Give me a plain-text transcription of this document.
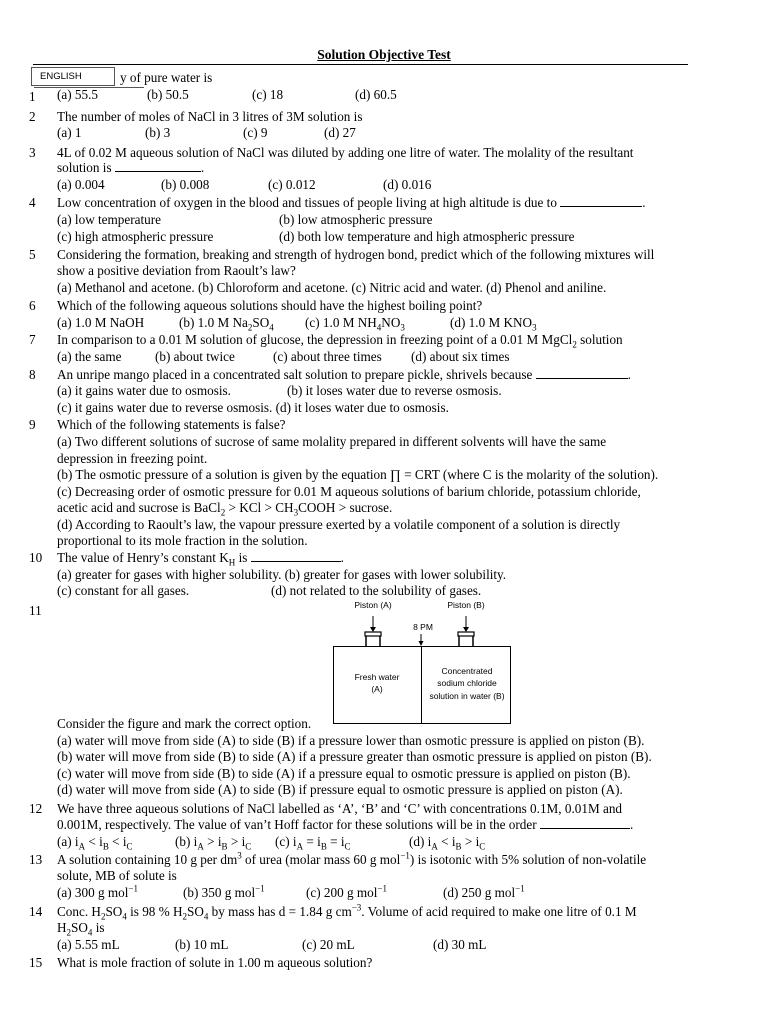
Solution Objective Test
ENGLISH	y of pure water is
1 (a) 55.5	(b) 50.5	(c) 18	(d) 60.5
2 The number of moles of NaCl in 3 litres of 3M solution is
(a) 1	(b) 3	(c) 9	(d) 27
3 4L of 0.02 M aqueous solution of NaCl was diluted by adding one litre of water. The molality of the resultant
solution is	.
(a) 0.004	(b) 0.008	(c) 0.012	(d) 0.016
4 Low concentration of oxygen in the blood and tissues of people living at high altitude is due to	.
(a) low temperature	(b) low atmospheric pressure
(c) high atmospheric pressure	(d) both low temperature and high atmospheric pressure
5 Considering the formation, breaking and strength of hydrogen bond, predict which of the following mixtures will
show a positive deviation from Raoult’s law?
(a) Methanol and acetone. (b) Chloroform and acetone. (c) Nitric acid and water. (d) Phenol and aniline.
6 Which of the following aqueous solutions should have the highest boiling point?
(a) 1.0 M NaOH	(b) 1.0 M $Na_2SO_4$ (c) 1.0 M $NH_4NO_3$	(d) 1.0 M $KNO_3$
7 In comparison to a 0.01 M solution of glucose, the depression in freezing point of a 0.01 M MgCl$_2$ solution
(a) the same	(b) about twice	(c) about three times (d) about six times
8 An unripe mango placed in a concentrated salt solution to prepare pickle, shrivels because	.
(a) it gains water due to osmosis.	(b) it loses water due to reverse osmosis.
(c) it gains water due to reverse osmosis. (d) it loses water due to osmosis.
9 Which of the following statements is false?
(a) Two different solutions of sucrose of same molality prepared in different solvents will have the same
depression in freezing point.
(b) The osmotic pressure of a solution is given by the equation ∏ = CRT (where C is the molarity of the solution).
(c) Decreasing order of osmotic pressure for 0.01 M aqueous solutions of barium chloride, potassium chloride,
acetic acid and sucrose is BaCl$_2$ > KCl > $CH_3COOH$ > sucrose.
(d) According to Raoult’s law, the vapour pressure exerted by a volatile component of a solution is directly
proportional to its mole fraction in the solution.
10 The value of Henry’s constant $K_H$ is	.
(a) greater for gases with higher solubility. (b) greater for gases with lower solubility.
(c) constant for all gases.	(d) not related to the solubility of gases.
11	Piston (A)	Piston (B)
8 PM
Fresh water
(A)
Concentrated
sodium chloride
solution in water (B)
Consider the figure and mark the correct option.
(a) water will move from side (A) to side (B) if a pressure lower than osmotic pressure is applied on piston (B).
(b) water will move from side (B) to side (A) if a pressure greater than osmotic pressure is applied on piston (B).
(c) water will move from side (B) to side (A) if a pressure equal to osmotic pressure is applied on piston (B).
(d) water will move from side (A) to side (B) if pressure equal to osmotic pressure is applied on piston (A).
12 We have three aqueous solutions of NaCl labelled as ‘A’, ‘B’ and ‘C’ with concentrations 0.1M, 0.01M and
0.001M, respectively. The value of van’t Hoff factor for these solutions will be in the order	.
(a) $i_A < i_B < i_C$	(b) $i_A > i_B > i_C$ (c) $i_A = i_B = i_C$	(d) $i_A < i_B > i_C$
13 A solution containing 10 g per $dm^3$ of urea (molar mass 60 g mol$^{-1}$) is isotonic with 5% solution of non-volatile
solute, MB of solute is
(a) 300 g mol$^{-1}$	(b) 350 g mol$^{-1}$	(c) 200 g mol$^{-1}$	(d) 250 g mol$^{-1}$
14 Conc. $H_2SO_4$ is 98 % $H_2SO_4$ by mass has d = 1.84 g $cm^{-3}$. Volume of acid required to make one litre of 0.1 M
$H_2SO_4$ is
(a) 5.55 mL	(b) 10 mL	(c) 20 mL	(d) 30 mL
15 What is mole fraction of solute in 1.00 m aqueous solution?
